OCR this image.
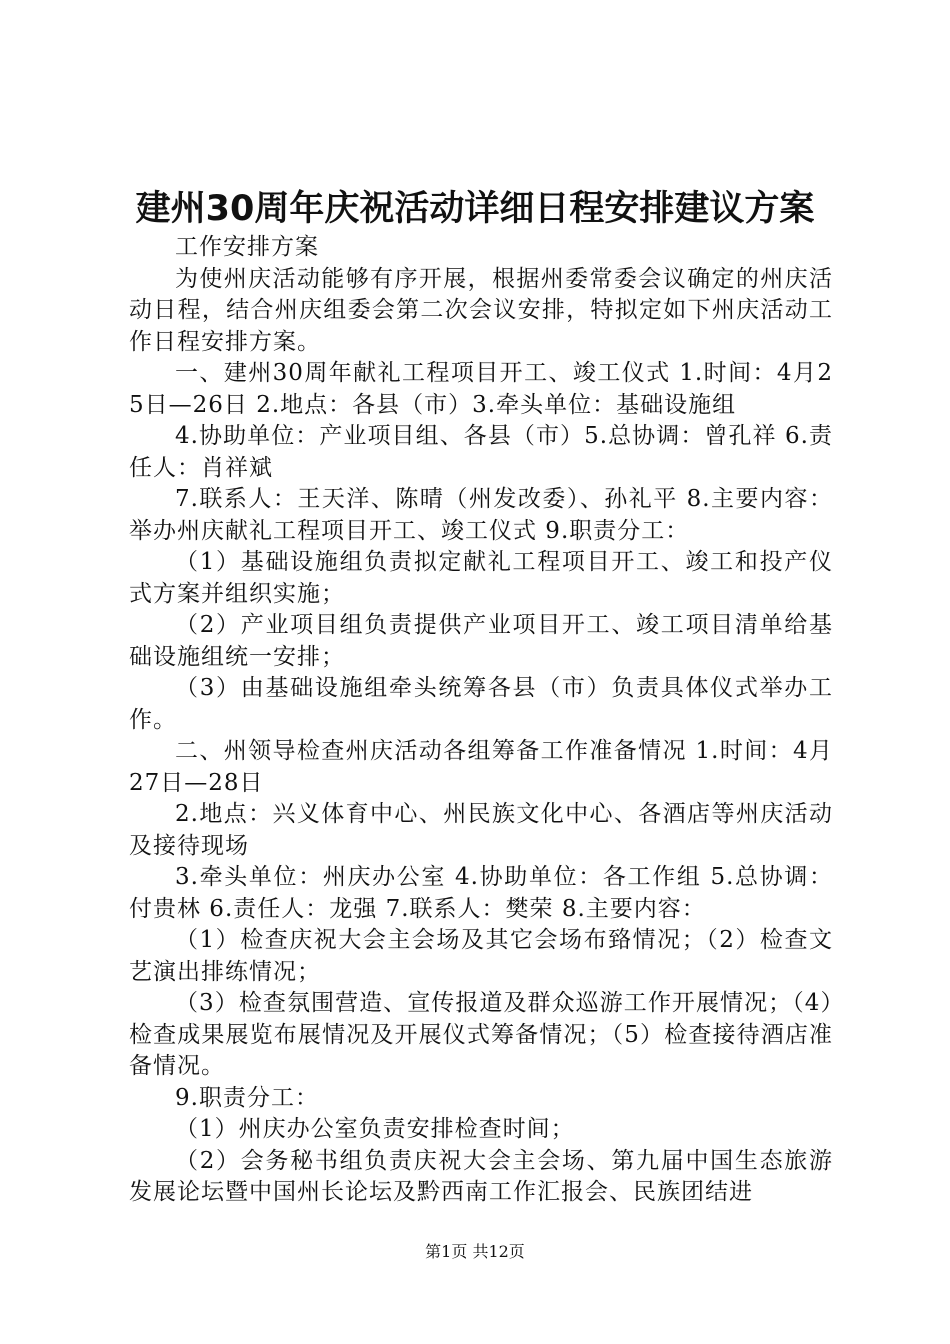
建州30周年庆祝活动详细日程安排建议方案

工作安排方案

为使州庆活动能够有序开展，根据州委常委会议确定的州庆活动日程，结合州庆组委会第二次会议安排，特拟定如下州庆活动工作日程安排方案。

一、建州30周年献礼工程项目开工、竣工仪式 1.时间：4月25日—26日 2.地点：各县（市）3.牵头单位：基础设施组

4.协助单位：产业项目组、各县（市）5.总协调：曾孔祥 6.责任人：肖祥斌

7.联系人：王天洋、陈晴（州发改委）、孙礼平 8.主要内容：举办州庆献礼工程项目开工、竣工仪式 9.职责分工：

（1）基础设施组负责拟定献礼工程项目开工、竣工和投产仪式方案并组织实施；

（2）产业项目组负责提供产业项目开工、竣工项目清单给基础设施组统一安排；

（3）由基础设施组牵头统筹各县（市）负责具体仪式举办工作。

二、州领导检查州庆活动各组筹备工作准备情况 1.时间：4月27日—28日

2.地点：兴义体育中心、州民族文化中心、各酒店等州庆活动及接待现场

3.牵头单位：州庆办公室 4.协助单位：各工作组 5.总协调：付贵林 6.责任人：龙强 7.联系人：樊荣 8.主要内容：

（1）检查庆祝大会主会场及其它会场布臵情况；（2）检查文艺演出排练情况；

（3）检查氛围营造、宣传报道及群众巡游工作开展情况；（4）检查成果展览布展情况及开展仪式筹备情况；（5）检查接待酒店准备情况。

9.职责分工：

（1）州庆办公室负责安排检查时间；

（2）会务秘书组负责庆祝大会主会场、第九届中国生态旅游发展论坛暨中国州长论坛及黔西南工作汇报会、民族团结进

第1页 共12页
